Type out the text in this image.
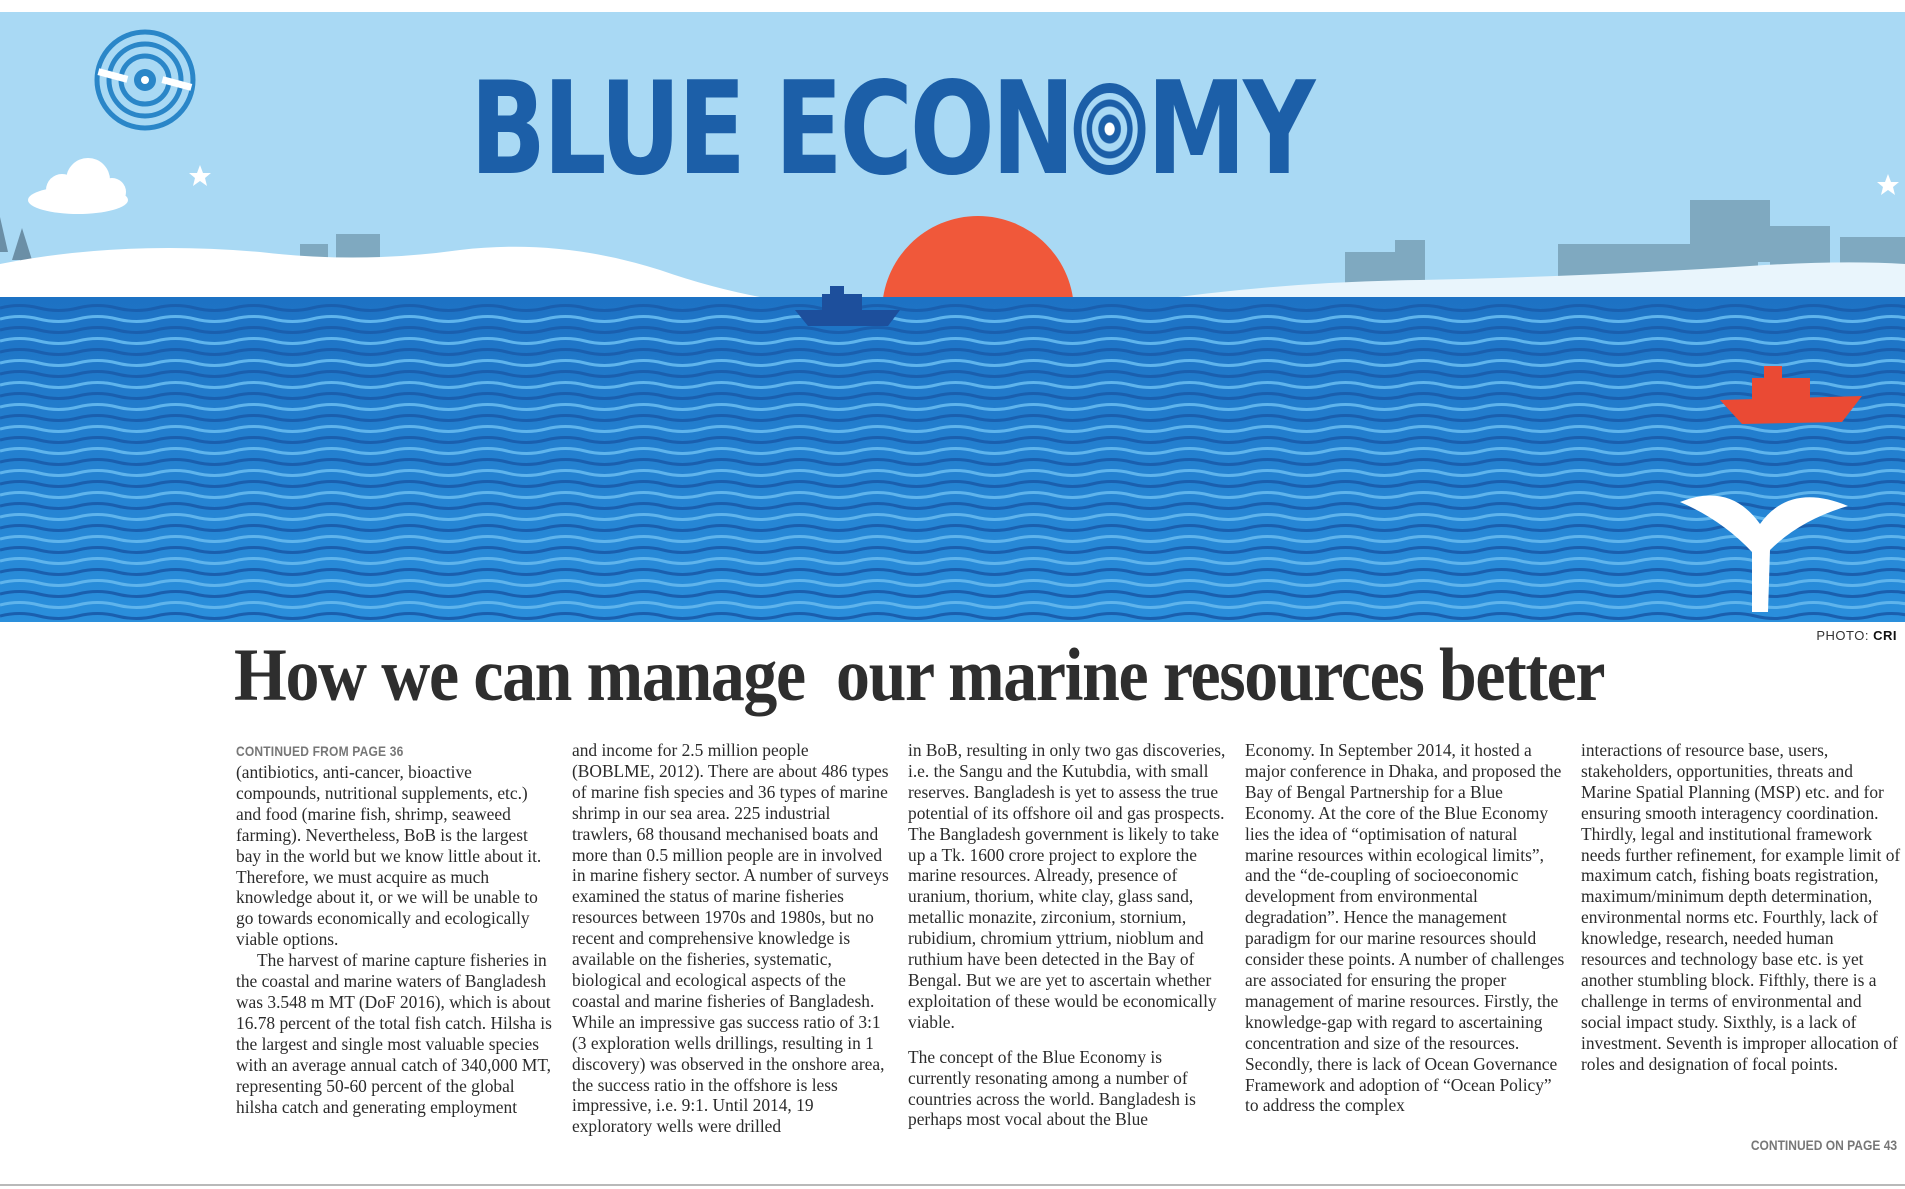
BLUE ECON MY
PHOTO: CRI
How we can manage  our marine resources better
CONTINUED FROM PAGE 36

(antibiotics, anti-cancer, bioactive compounds, nutritional supplements, etc.) and food (marine fish, shrimp, seaweed farming). Nevertheless, BoB is the largest bay in the world but we know little about it. Therefore, we must acquire as much knowledge about it, or we will be unable to go towards economically and ecologically viable options.

The harvest of marine capture fisheries in the coastal and marine waters of Bangladesh was 3.548 m MT (DoF 2016), which is about 16.78 percent of the total fish catch. Hilsha is the largest and single most valuable species with an average annual catch of 340,000 MT, representing 50-60 percent of the global hilsha catch and generating employment

and income for 2.5 million people (BOBLME, 2012). There are about 486 types of marine fish species and 36 types of marine shrimp in our sea area. 225 industrial trawlers, 68 thousand mechanised boats and more than 0.5 million people are in involved in marine fishery sector. A number of surveys examined the status of marine fisheries resources between 1970s and 1980s, but no recent and comprehensive knowledge is available on the fisheries, systematic, biological and ecological aspects of the coastal and marine fisheries of Bangladesh. While an impressive gas success ratio of 3:1 (3 exploration wells drillings, resulting in 1 discovery) was observed in the onshore area, the success ratio in the offshore is less impressive, i.e. 9:1. Until 2014, 19 exploratory wells were drilled

in BoB, resulting in only two gas discoveries, i.e. the Sangu and the Kutubdia, with small reserves. Bangladesh is yet to assess the true potential of its offshore oil and gas prospects. The Bangladesh government is likely to take up a Tk. 1600 crore project to explore the marine resources. Already, presence of uranium, thorium, white clay, glass sand, metallic monazite, zirconium, stornium, rubidium, chromium yttrium, nioblum and ruthium have been detected in the Bay of Bengal. But we are yet to ascertain whether exploitation of these would be economically viable.

The concept of the Blue Economy is currently resonating among a number of countries across the world. Bangladesh is perhaps most vocal about the Blue

Economy. In September 2014, it hosted a major conference in Dhaka, and proposed the Bay of Bengal Partnership for a Blue Economy. At the core of the Blue Economy lies the idea of “optimisation of natural marine resources within ecological limits”, and the “de-coupling of socioeconomic development from environmental degradation”. Hence the management paradigm for our marine resources should consider these points. A number of challenges are associated for ensuring the proper management of marine resources. Firstly, the knowledge-gap with regard to ascertaining concentration and size of the resources. Secondly, there is lack of Ocean Governance Framework and adoption of “Ocean Policy” to address the complex

interactions of resource base, users, stakeholders, opportunities, threats and Marine Spatial Planning (MSP) etc. and for ensuring smooth interagency coordination. Thirdly, legal and institutional framework needs further refinement, for example limit of maximum catch, fishing boats registration, maximum/minimum depth determination, environmental norms etc. Fourthly, lack of knowledge, research, needed human resources and technology base etc. is yet another stumbling block. Fifthly, there is a challenge in terms of environmental and social impact study. Sixthly, is a lack of investment. Seventh is improper allocation of roles and designation of focal points.

CONTINUED ON PAGE 43
